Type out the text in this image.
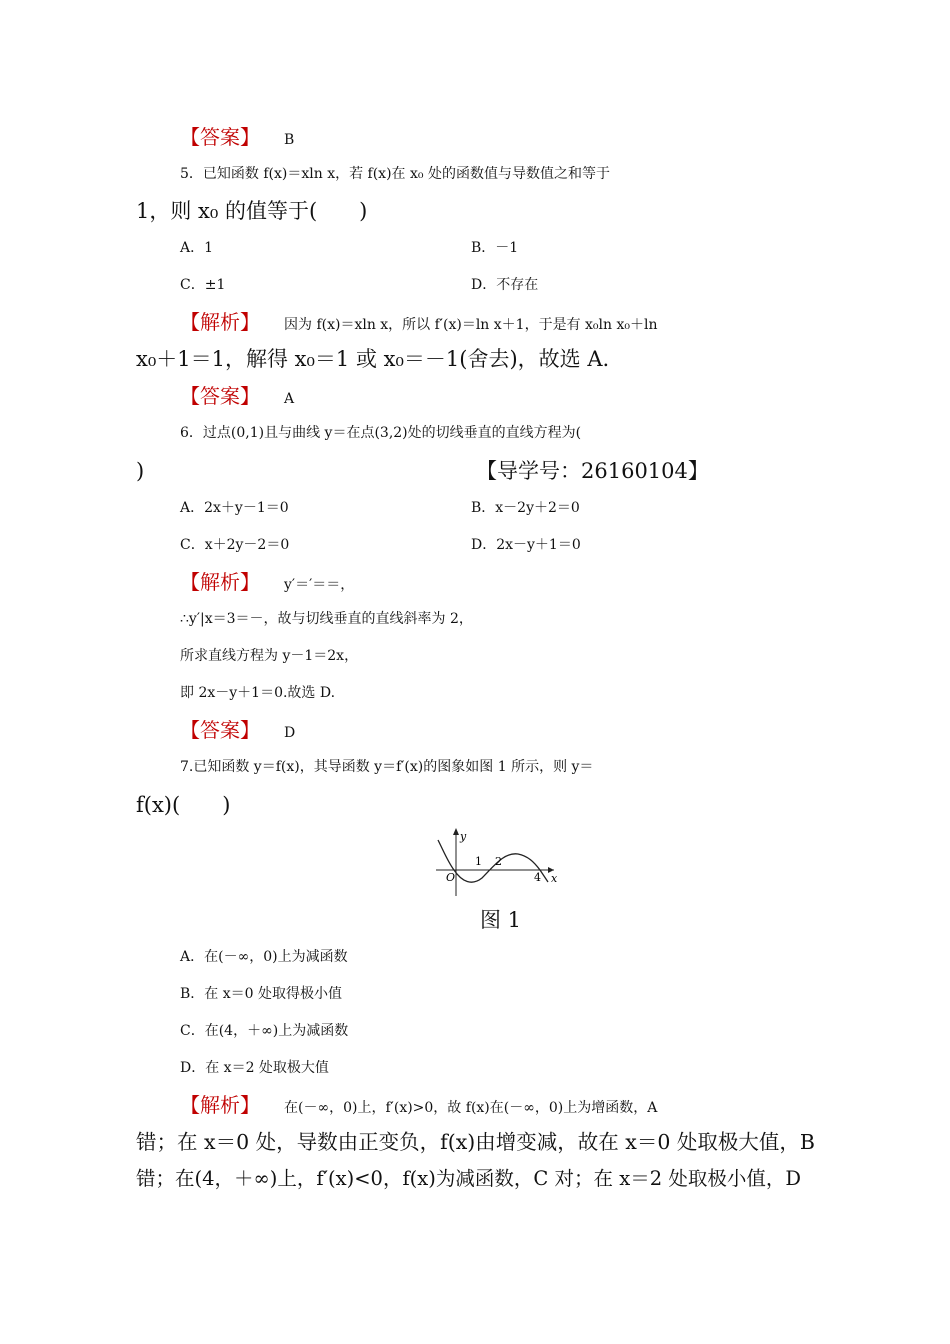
【答案】 B
5．已知函数 f(x)＝xln x，若 f(x)在 x₀ 处的函数值与导数值之和等于
1，则 x₀ 的值等于(　　)
A．1	B．－1
C．±1	D．不存在
【解析】 因为 f(x)＝xln x，所以 f′(x)＝ln x＋1，于是有 x₀ln x₀＋ln
x₀＋1＝1，解得 x₀＝1 或 x₀＝－1(舍去)，故选 A.
【答案】 A
6．过点(0,1)且与曲线 y＝在点(3,2)处的切线垂直的直线方程为(
)	【导学号：26160104】
A．2x＋y－1＝0	B．x－2y＋2＝0
C．x＋2y－2＝0	D．2x－y＋1＝0
【解析】 y′＝′＝＝，
∴y′|x＝3＝－，故与切线垂直的直线斜率为 2，
所求直线方程为 y－1＝2x，
即 2x－y＋1＝0.故选 D.
【答案】 D
7.已知函数 y＝f(x)，其导函数 y＝f′(x)的图象如图 1 所示，则 y＝
f(x)(　　)
y
x
O
1 2
4
图 1
A．在(－∞，0)上为减函数
B．在 x＝0 处取得极小值
C．在(4，＋∞)上为减函数
D．在 x＝2 处取极大值
【解析】 在(－∞，0)上，f′(x)>0，故 f(x)在(－∞，0)上为增函数，A
错；在 x＝0 处，导数由正变负，f(x)由增变减，故在 x＝0 处取极大值，B
错；在(4，＋∞)上，f′(x)<0，f(x)为减函数，C 对；在 x＝2 处取极小值，D
